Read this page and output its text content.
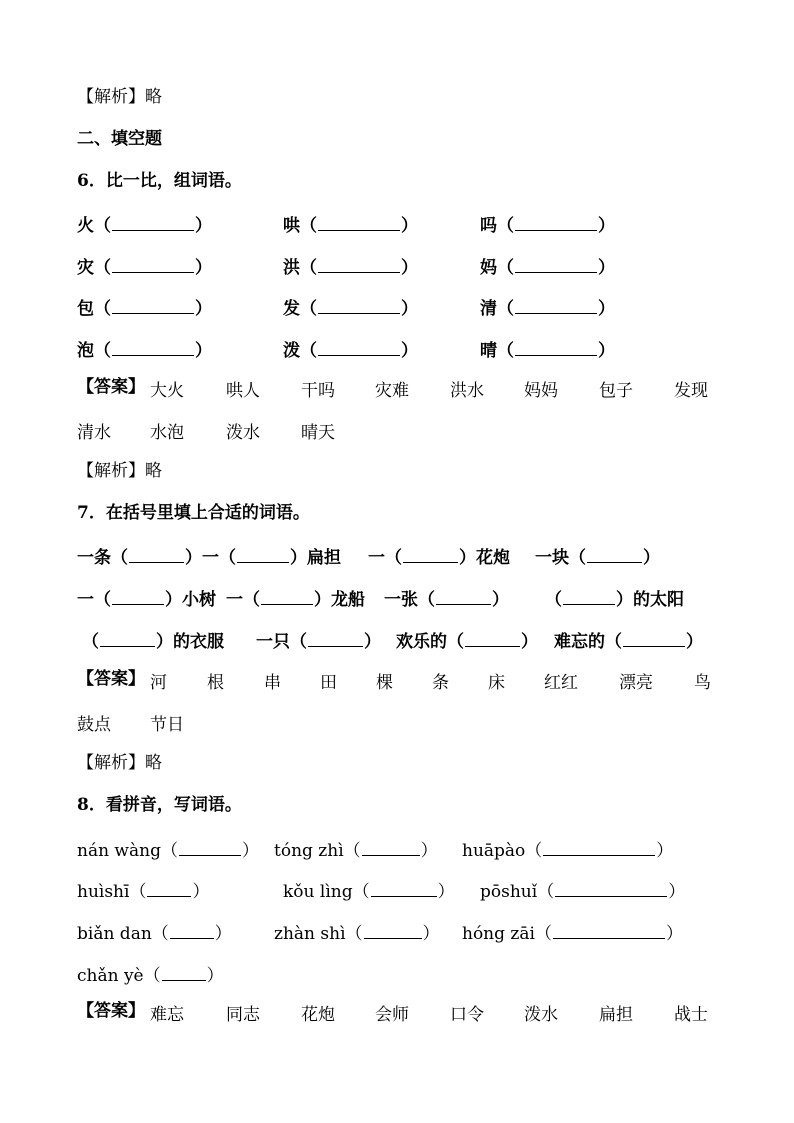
【解析】略
二、填空题
6．比一比，组词语。
火（	）	哄（	）	吗（	）
灾（	）	洪（	）	妈（	）
包（	）	发（	）	清（	）
泡（	）	泼（	）	晴（	）
【答案】 大火 哄人 干吗 灾难 洪水 妈妈 包子 发现
清水 水泡 泼水 晴天
【解析】略
7．在括号里填上合适的词语。
一条（	）一（	）扁担 一（	）花炮 一块（	）
一（	）小树 一（	）龙船 一张（	） （	）的太阳
（	）的衣服 一只（	） 欢乐的（	） 难忘的（	）
【答案】 河 根 串 田 棵 条 床 红红 漂亮 鸟
鼓点 节日
【解析】略
8．看拼音，写词语。
nán wàng（	） tóng zhì（	） huāpào（	）
huìshī（	）	kǒu lìng（	） pōshuǐ（	）
biǎn dan（	） zhàn shì（	） hóng zāi（	）
chǎn yè（	）
【答案】 难忘 同志 花炮 会师 口令 泼水 扁担 战士
